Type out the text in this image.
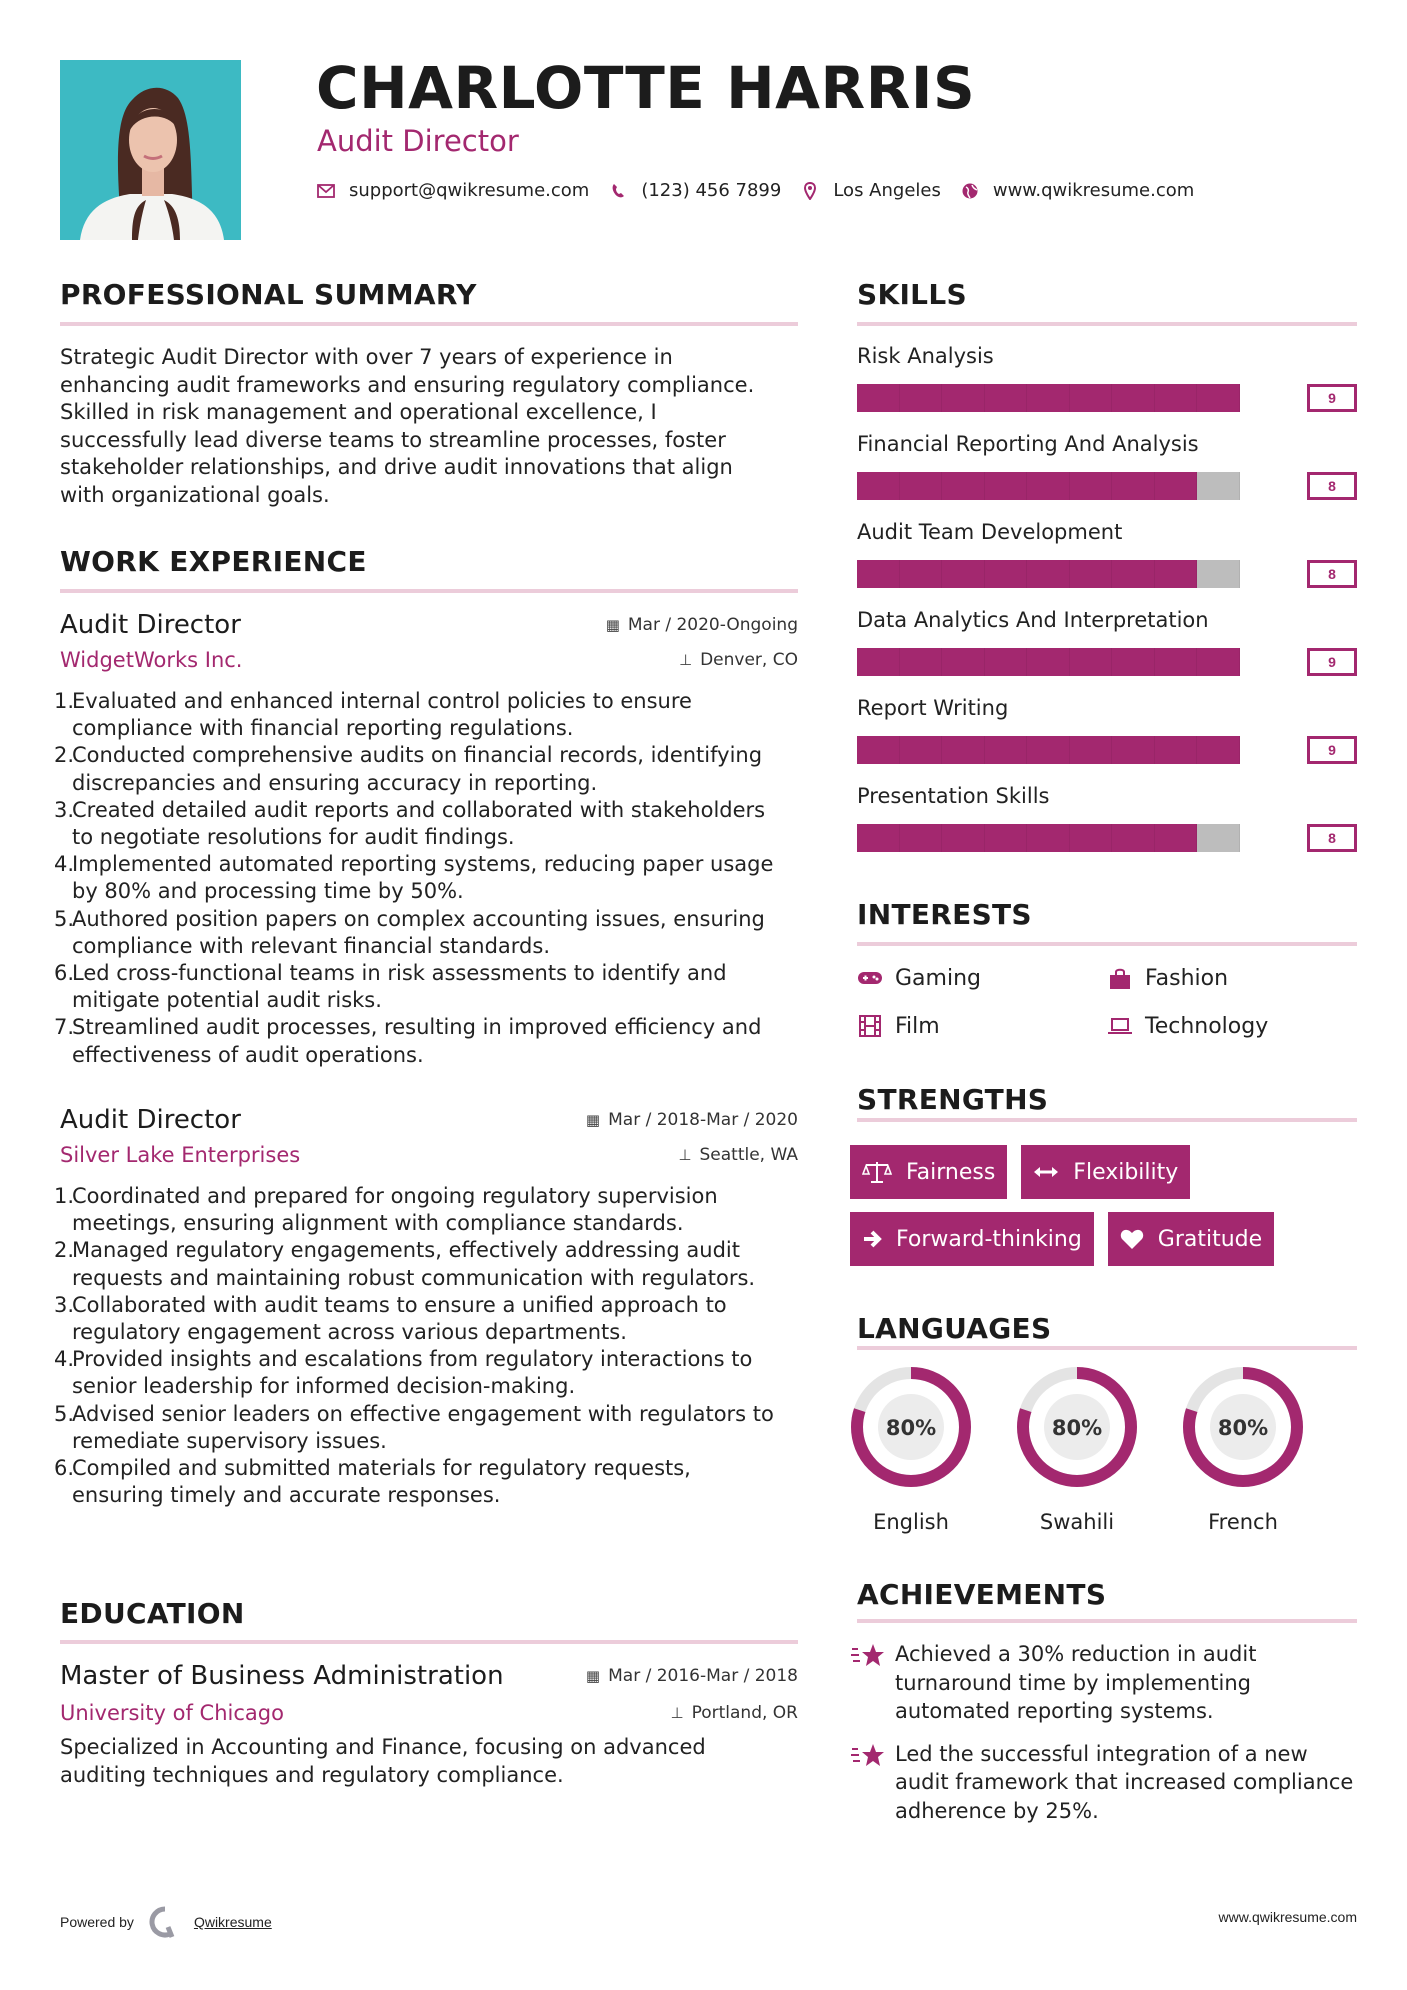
CHARLOTTE HARRIS
Audit Director
support@qwikresume.com	(123) 456 7899	Los Angeles	www.qwikresume.com
PROFESSIONAL SUMMARY
Strategic Audit Director with over 7 years of experience in enhancing audit frameworks and ensuring regulatory compliance. Skilled in risk management and operational excellence, I successfully lead diverse teams to streamline processes, foster stakeholder relationships, and drive audit innovations that align with organizational goals.
WORK EXPERIENCE
Audit Director	▦ Mar / 2020-Ongoing
WidgetWorks Inc.	⊥ Denver, CO
1.
Evaluated and enhanced internal control policies to ensure compliance with financial reporting regulations.
2.
Conducted comprehensive audits on financial records, identifying discrepancies and ensuring accuracy in reporting.
3.
Created detailed audit reports and collaborated with stakeholders to negotiate resolutions for audit findings.
4.
Implemented automated reporting systems, reducing paper usage by 80% and processing time by 50%.
5.
Authored position papers on complex accounting issues, ensuring compliance with relevant financial standards.
6.
Led cross-functional teams in risk assessments to identify and mitigate potential audit risks.
7.
Streamlined audit processes, resulting in improved efficiency and effectiveness of audit operations.
Audit Director	▦ Mar / 2018-Mar / 2020
Silver Lake Enterprises	⊥ Seattle, WA
1.
Coordinated and prepared for ongoing regulatory supervision meetings, ensuring alignment with compliance standards.
2.
Managed regulatory engagements, effectively addressing audit requests and maintaining robust communication with regulators.
3.
Collaborated with audit teams to ensure a unified approach to regulatory engagement across various departments.
4.
Provided insights and escalations from regulatory interactions to senior leadership for informed decision-making.
5.
Advised senior leaders on effective engagement with regulators to remediate supervisory issues.
6.
Compiled and submitted materials for regulatory requests, ensuring timely and accurate responses.
EDUCATION
Master of Business Administration	▦ Mar / 2016-Mar / 2018
University of Chicago	⊥ Portland, OR
Specialized in Accounting and Finance, focusing on advanced auditing techniques and regulatory compliance.
SKILLS
Risk Analysis
9
Financial Reporting And Analysis
8
Audit Team Development
8
Data Analytics And Interpretation
9
Report Writing
9
Presentation Skills
8
INTERESTS
Gaming	Fashion
Film	Technology
STRENGTHS
Fairness	Flexibility
Forward-thinking	Gratitude
LANGUAGES
80%
English
80%
Swahili
80%
French
ACHIEVEMENTS
Achieved a 30% reduction in audit turnaround time by implementing automated reporting systems.
Led the successful integration of a new audit framework that increased compliance adherence by 25%.
Powered by	Qwikresume	www.qwikresume.com
